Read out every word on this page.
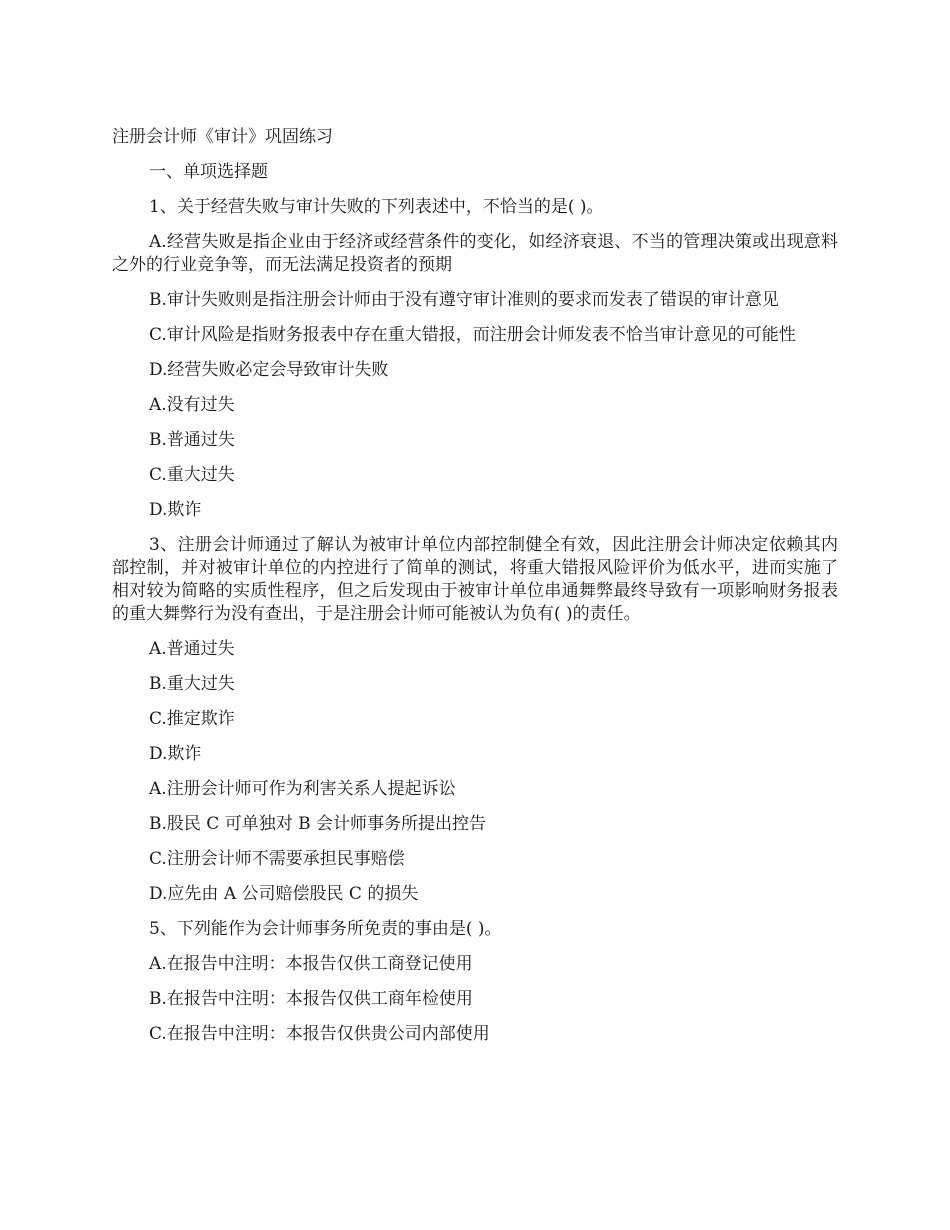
注册会计师《审计》巩固练习

一、单项选择题

1、关于经营失败与审计失败的下列表述中，不恰当的是( )。

A.经营失败是指企业由于经济或经营条件的变化，如经济衰退、不当的管理决策或出现意料之外的行业竞争等，而无法满足投资者的预期

B.审计失败则是指注册会计师由于没有遵守审计准则的要求而发表了错误的审计意见

C.审计风险是指财务报表中存在重大错报，而注册会计师发表不恰当审计意见的可能性

D.经营失败必定会导致审计失败

A.没有过失

B.普通过失

C.重大过失

D.欺诈

3、注册会计师通过了解认为被审计单位内部控制健全有效，因此注册会计师决定依赖其内部控制，并对被审计单位的内控进行了简单的测试，将重大错报风险评价为低水平，进而实施了相对较为简略的实质性程序，但之后发现由于被审计单位串通舞弊最终导致有一项影响财务报表的重大舞弊行为没有查出，于是注册会计师可能被认为负有( )的责任。

A.普通过失

B.重大过失

C.推定欺诈

D.欺诈

A.注册会计师可作为利害关系人提起诉讼

B.股民 C 可单独对 B 会计师事务所提出控告

C.注册会计师不需要承担民事赔偿

D.应先由 A 公司赔偿股民 C 的损失

5、下列能作为会计师事务所免责的事由是( )。

A.在报告中注明：本报告仅供工商登记使用

B.在报告中注明：本报告仅供工商年检使用

C.在报告中注明：本报告仅供贵公司内部使用
